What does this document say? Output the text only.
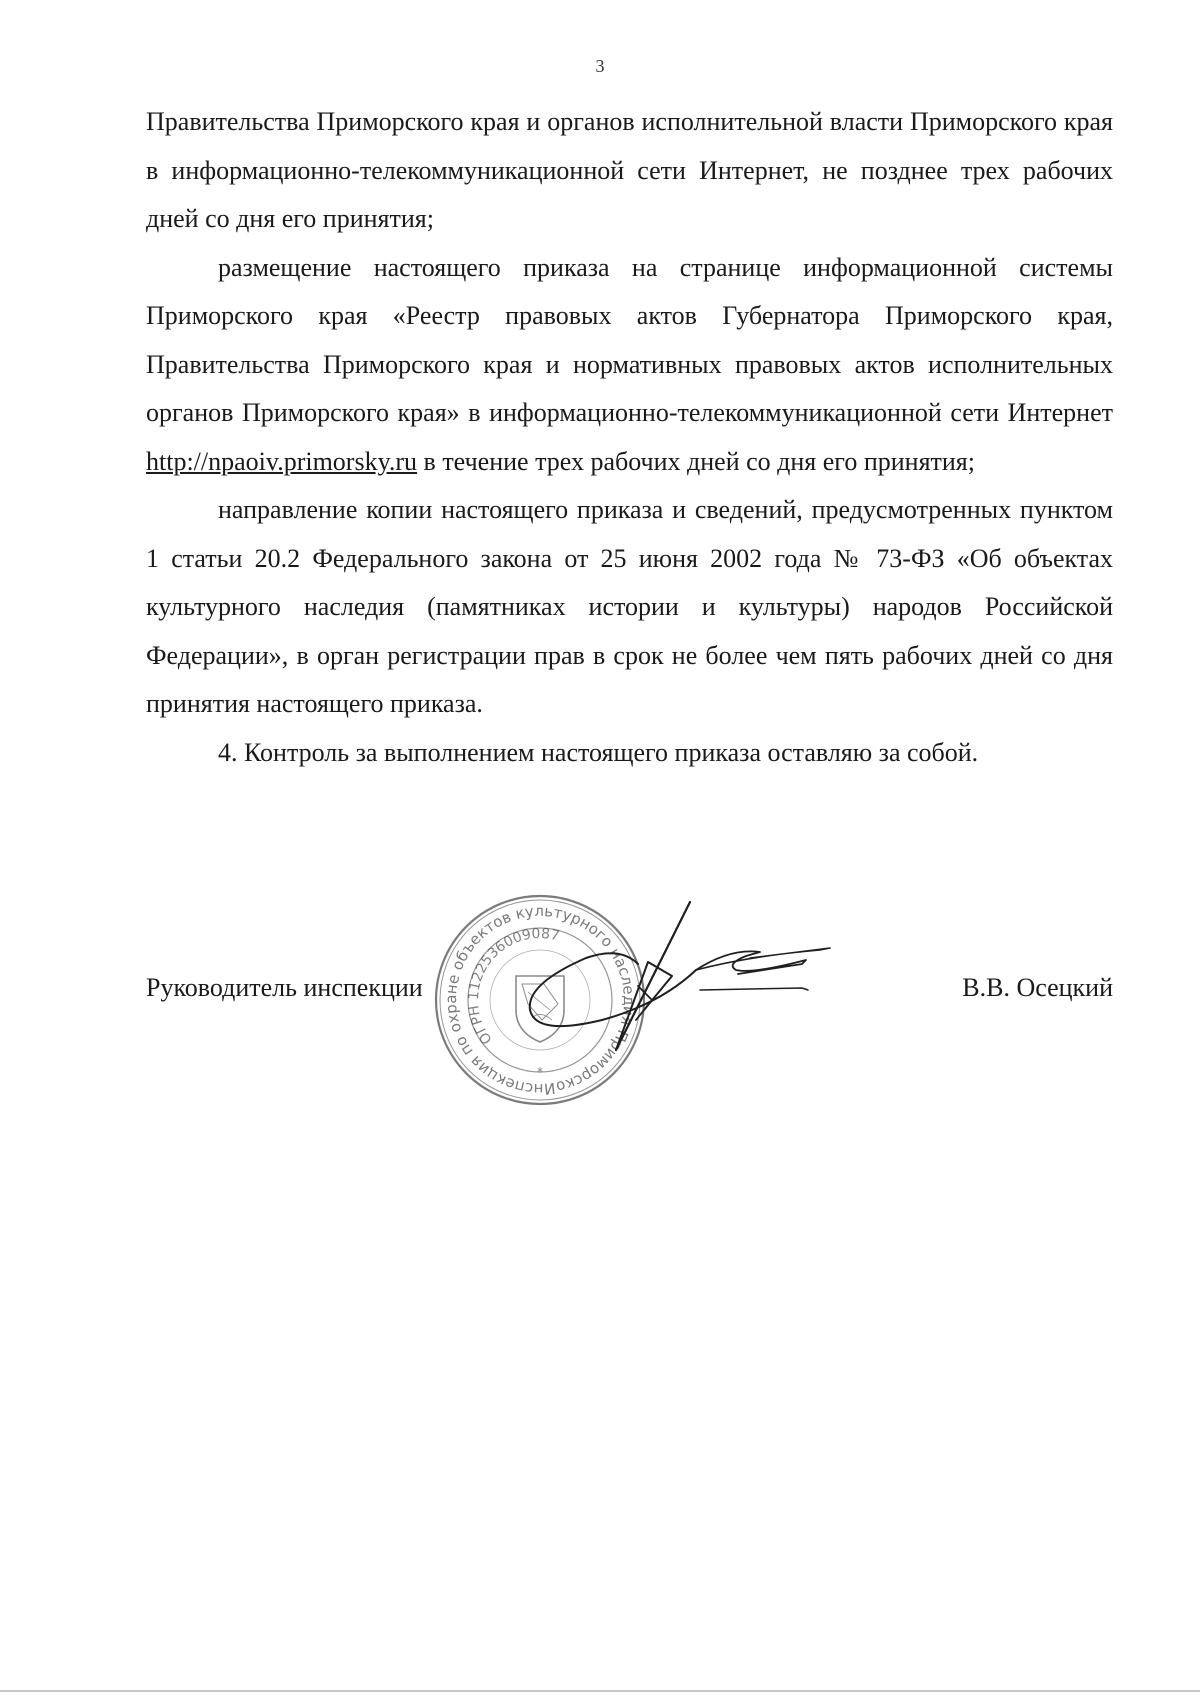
3

Правительства Приморского края и органов исполнительной власти Приморского края в информационно-телекоммуникационной сети Интернет, не позднее трех рабочих дней со дня его принятия;

размещение настоящего приказа на странице информационной системы Приморского края «Реестр правовых актов Губернатора Приморского края, Правительства Приморского края и нормативных правовых актов исполнительных органов Приморского края» в информационно-телекоммуникационной сети Интернет http://npaoiv.primorsky.ru в течение трех рабочих дней со дня его принятия;

направление копии настоящего приказа и сведений, предусмотренных пунктом 1 статьи 20.2 Федерального закона от 25 июня 2002 года № 73-ФЗ «Об объектах культурного наследия (памятниках истории и культуры) народов Российской Федерации», в орган регистрации прав в срок не более чем пять рабочих дней со дня принятия настоящего приказа.

4. Контроль за выполнением настоящего приказа оставляю за собой.

Руководитель инспекции	В.В. Осецкий
Инспекция по охране объектов культурного наследия Приморского
ОГРН 1122536009087
*
